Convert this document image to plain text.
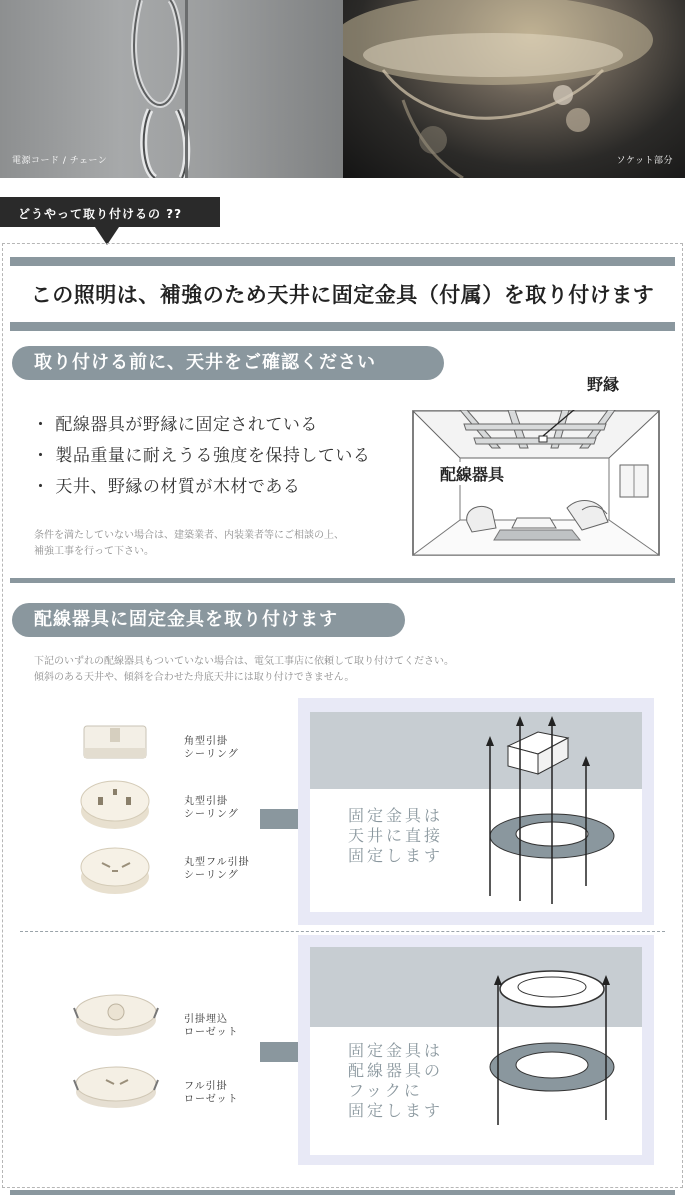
電源コード / チェーン	ソケット部分
どうやって取り付けるの ??
この照明は、補強のため天井に固定金具（付属）を取り付けます
取り付ける前に、天井をご確認ください
・ 配線器具が野縁に固定されている
・ 製品重量に耐えうる強度を保持している
・ 天井、野縁の材質が木材である
条件を満たしていない場合は、建築業者、内装業者等にご相談の上、
補強工事を行って下さい。
野縁
配線器具
配線器具に固定金具を取り付けます
下記のいずれの配線器具もついていない場合は、電気工事店に依頼して取り付けてください。
傾斜のある天井や、傾斜を合わせた舟底天井には取り付けできません。
角型引掛
シーリング
丸型引掛
シーリング
丸型フル引掛
シーリング
固定金具は
天井に直接
固定します
引掛埋込
ローゼット
フル引掛
ローゼット
固定金具は
配線器具の
フックに
固定します
